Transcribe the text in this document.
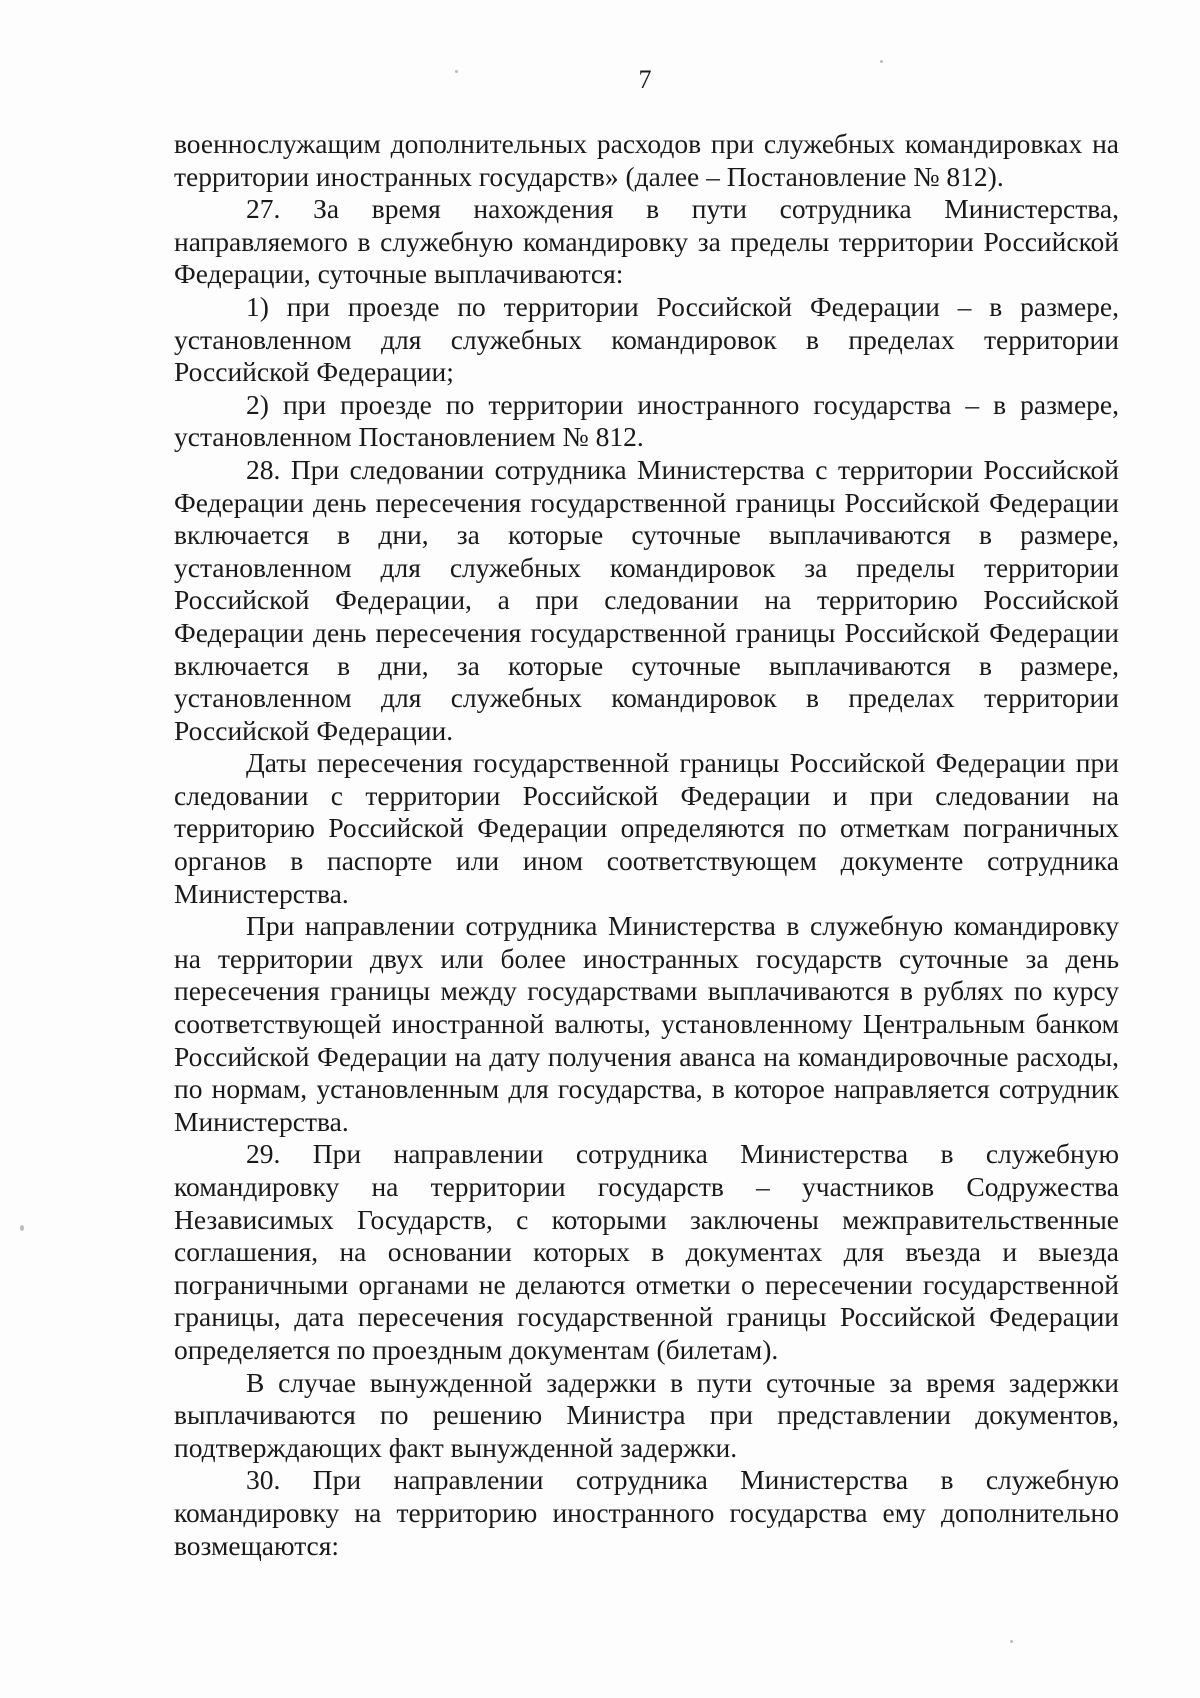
7

военнослужащим дополнительных расходов при служебных командировках на территории иностранных государств» (далее – Постановление № 812).

27. За время нахождения в пути сотрудника Министерства, направляемого в служебную командировку за пределы территории Российской Федерации, суточные выплачиваются:

1) при проезде по территории Российской Федерации – в размере, установленном для служебных командировок в пределах территории Российской Федерации;

2) при проезде по территории иностранного государства – в размере, установленном Постановлением № 812.

28. При следовании сотрудника Министерства с территории Российской Федерации день пересечения государственной границы Российской Федерации включается в дни, за которые суточные выплачиваются в размере, установленном для служебных командировок за пределы территории Российской Федерации, а при следовании на территорию Российской Федерации день пересечения государственной границы Российской Федерации включается в дни, за которые суточные выплачиваются в размере, установленном для служебных командировок в пределах территории Российской Федерации.

Даты пересечения государственной границы Российской Федерации при следовании с территории Российской Федерации и при следовании на территорию Российской Федерации определяются по отметкам пограничных органов в паспорте или ином соответствующем документе сотрудника Министерства.

При направлении сотрудника Министерства в служебную командировку на территории двух или более иностранных государств суточные за день пересечения границы между государствами выплачиваются в рублях по курсу соответствующей иностранной валюты, установленному Центральным банком Российской Федерации на дату получения аванса на командировочные расходы, по нормам, установленным для государства, в которое направляется сотрудник Министерства.

29. При направлении сотрудника Министерства в служебную командировку на территории государств – участников Содружества Независимых Государств, с которыми заключены межправительственные соглашения, на основании которых в документах для въезда и выезда пограничными органами не делаются отметки о пересечении государственной границы, дата пересечения государственной границы Российской Федерации определяется по проездным документам (билетам).

В случае вынужденной задержки в пути суточные за время задержки выплачиваются по решению Министра при представлении документов, подтверждающих факт вынужденной задержки.

30. При направлении сотрудника Министерства в служебную командировку на территорию иностранного государства ему дополнительно возмещаются:
